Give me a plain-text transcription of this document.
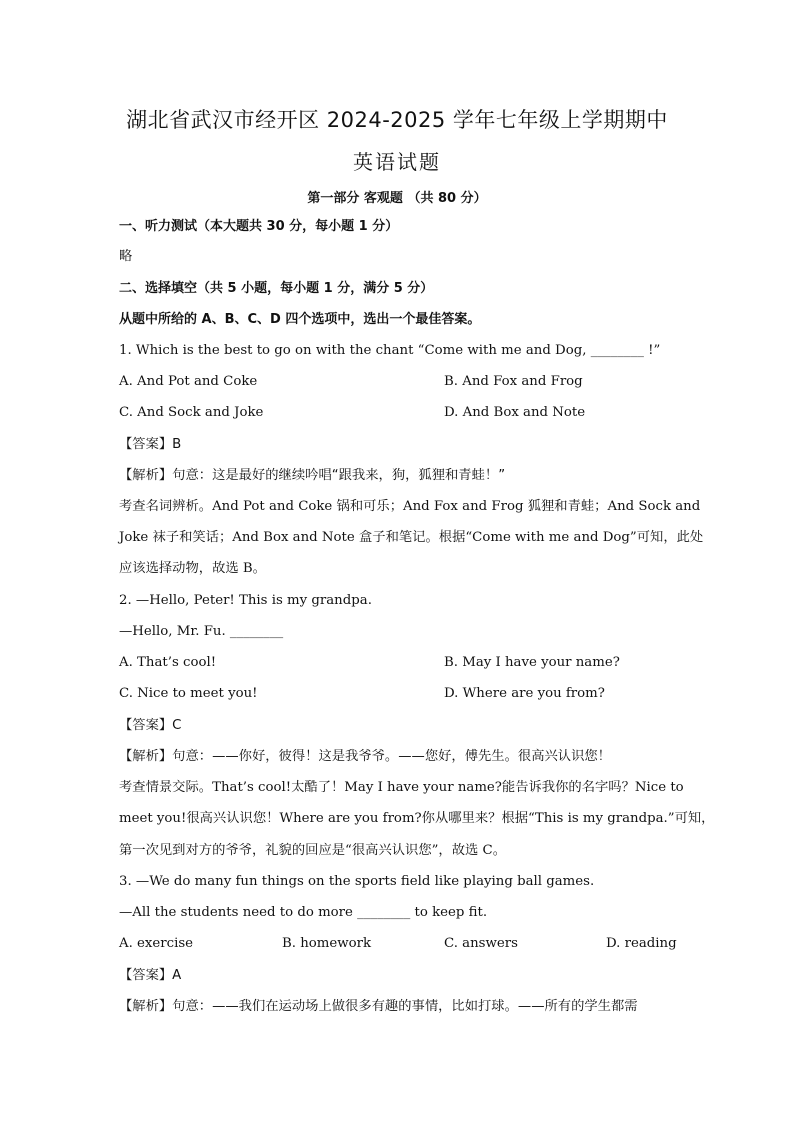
湖北省武汉市经开区 2024-2025 学年七年级上学期期中
英语试题
第一部分 客观题 （共 80 分）
一、听力测试（本大题共 30 分，每小题 1 分）
略
二、选择填空（共 5 小题，每小题 1 分，满分 5 分）
从题中所给的 A、B、C、D 四个选项中，选出一个最佳答案。
1. Which is the best to go on with the chant “Come with me and Dog, ________ !”
A. And Pot and Coke	B. And Fox and Frog
C. And Sock and Joke	D. And Box and Note
【答案】B
【解析】句意：这是最好的继续吟唱“跟我来，狗，狐狸和青蛙！”
考查名词辨析。And Pot and Coke 锅和可乐；And Fox and Frog 狐狸和青蛙；And Sock and
Joke 袜子和笑话；And Box and Note 盒子和笔记。根据“Come with me and Dog”可知，此处
应该选择动物，故选 B。
2. —Hello, Peter! This is my grandpa.
—Hello, Mr. Fu. ________
A. That’s cool!	B. May I have your name?
C. Nice to meet you!	D. Where are you from?
【答案】C
【解析】句意：——你好，彼得！这是我爷爷。——您好，傅先生。很高兴认识您！
考查情景交际。That’s cool!太酷了！May I have your name?能告诉我你的名字吗？Nice to
meet you!很高兴认识您！Where are you from?你从哪里来？根据“This is my grandpa.”可知，
第一次见到对方的爷爷，礼貌的回应是“很高兴认识您”，故选 C。
3. —We do many fun things on the sports field like playing ball games.
—All the students need to do more ________ to keep fit.
A. exercise	B. homework	C. answers	D. reading
【答案】A
【解析】句意：——我们在运动场上做很多有趣的事情，比如打球。——所有的学生都需
